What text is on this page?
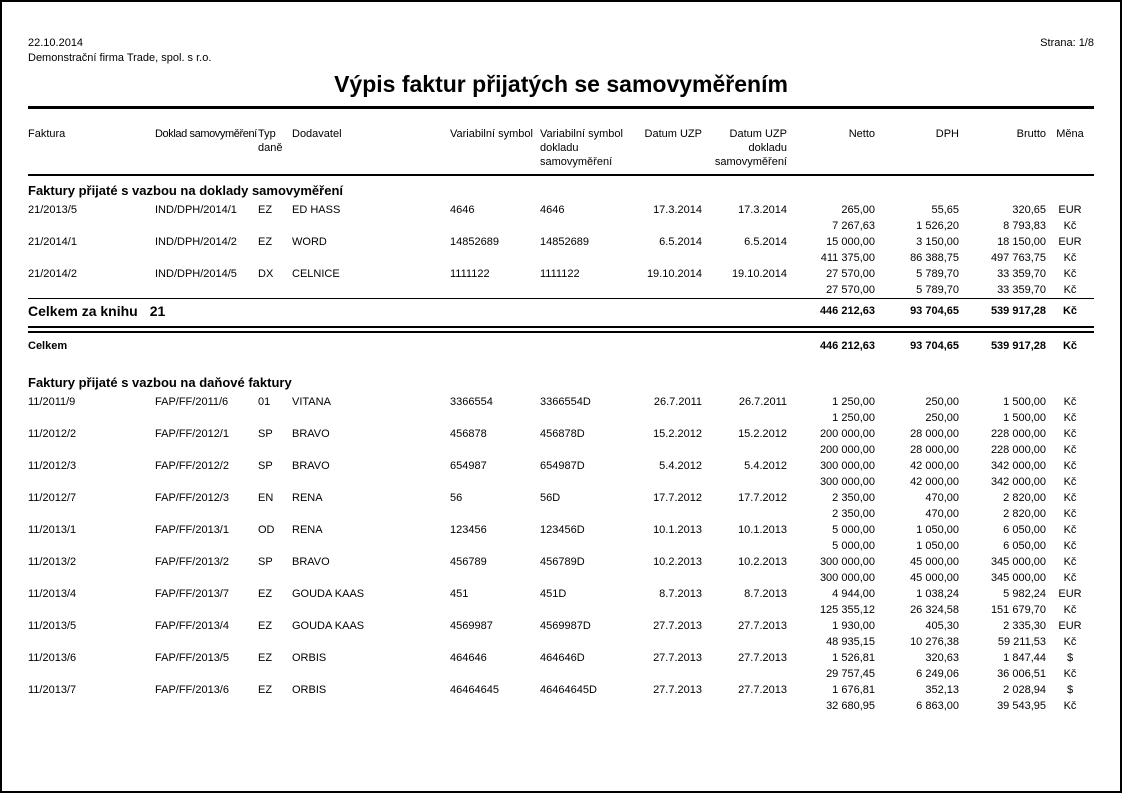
22.10.2014	Strana: 1/8
Demonstrační firma Trade, spol. s r.o.
Výpis faktur přijatých se samovyměřením
Faktura	Doklad samovyměření	Typ daně	Dodavatel	Variabilní symbol	Variabilní symbol dokladu samovyměření	Datum UZP	Datum UZP dokladu samovyměření	Netto	DPH	Brutto	Měna
Faktury přijaté s vazbou na doklady samovyměření											
21/2013/5	IND/DPH/2014/1	EZ	ED HASS	4646	4646	17.3.2014	17.3.2014	265,00	55,65	320,65	EUR
								7 267,63	1 526,20	8 793,83	Kč
21/2014/1	IND/DPH/2014/2	EZ	WORD	14852689	14852689	6.5.2014	6.5.2014	15 000,00	3 150,00	18 150,00	EUR
								411 375,00	86 388,75	497 763,75	Kč
21/2014/2	IND/DPH/2014/5	DX	CELNICE	1111122	1111122	19.10.2014	19.10.2014	27 570,00	5 789,70	33 359,70	Kč
								27 570,00	5 789,70	33 359,70	Kč
Celkem za knihu 21								446 212,63	93 704,65	539 917,28	Kč

Celkem								446 212,63	93 704,65	539 917,28	Kč
Faktury přijaté s vazbou na daňové faktury											
11/2011/9	FAP/FF/2011/6	01	VITANA	3366554	3366554D	26.7.2011	26.7.2011	1 250,00	250,00	1 500,00	Kč
								1 250,00	250,00	1 500,00	Kč
11/2012/2	FAP/FF/2012/1	SP	BRAVO	456878	456878D	15.2.2012	15.2.2012	200 000,00	28 000,00	228 000,00	Kč
								200 000,00	28 000,00	228 000,00	Kč
11/2012/3	FAP/FF/2012/2	SP	BRAVO	654987	654987D	5.4.2012	5.4.2012	300 000,00	42 000,00	342 000,00	Kč
								300 000,00	42 000,00	342 000,00	Kč
11/2012/7	FAP/FF/2012/3	EN	RENA	56	56D	17.7.2012	17.7.2012	2 350,00	470,00	2 820,00	Kč
								2 350,00	470,00	2 820,00	Kč
11/2013/1	FAP/FF/2013/1	OD	RENA	123456	123456D	10.1.2013	10.1.2013	5 000,00	1 050,00	6 050,00	Kč
								5 000,00	1 050,00	6 050,00	Kč
11/2013/2	FAP/FF/2013/2	SP	BRAVO	456789	456789D	10.2.2013	10.2.2013	300 000,00	45 000,00	345 000,00	Kč
								300 000,00	45 000,00	345 000,00	Kč
11/2013/4	FAP/FF/2013/7	EZ	GOUDA KAAS	451	451D	8.7.2013	8.7.2013	4 944,00	1 038,24	5 982,24	EUR
								125 355,12	26 324,58	151 679,70	Kč
11/2013/5	FAP/FF/2013/4	EZ	GOUDA KAAS	4569987	4569987D	27.7.2013	27.7.2013	1 930,00	405,30	2 335,30	EUR
								48 935,15	10 276,38	59 211,53	Kč
11/2013/6	FAP/FF/2013/5	EZ	ORBIS	464646	464646D	27.7.2013	27.7.2013	1 526,81	320,63	1 847,44	$
								29 757,45	6 249,06	36 006,51	Kč
11/2013/7	FAP/FF/2013/6	EZ	ORBIS	46464645	46464645D	27.7.2013	27.7.2013	1 676,81	352,13	2 028,94	$
								32 680,95	6 863,00	39 543,95	Kč
